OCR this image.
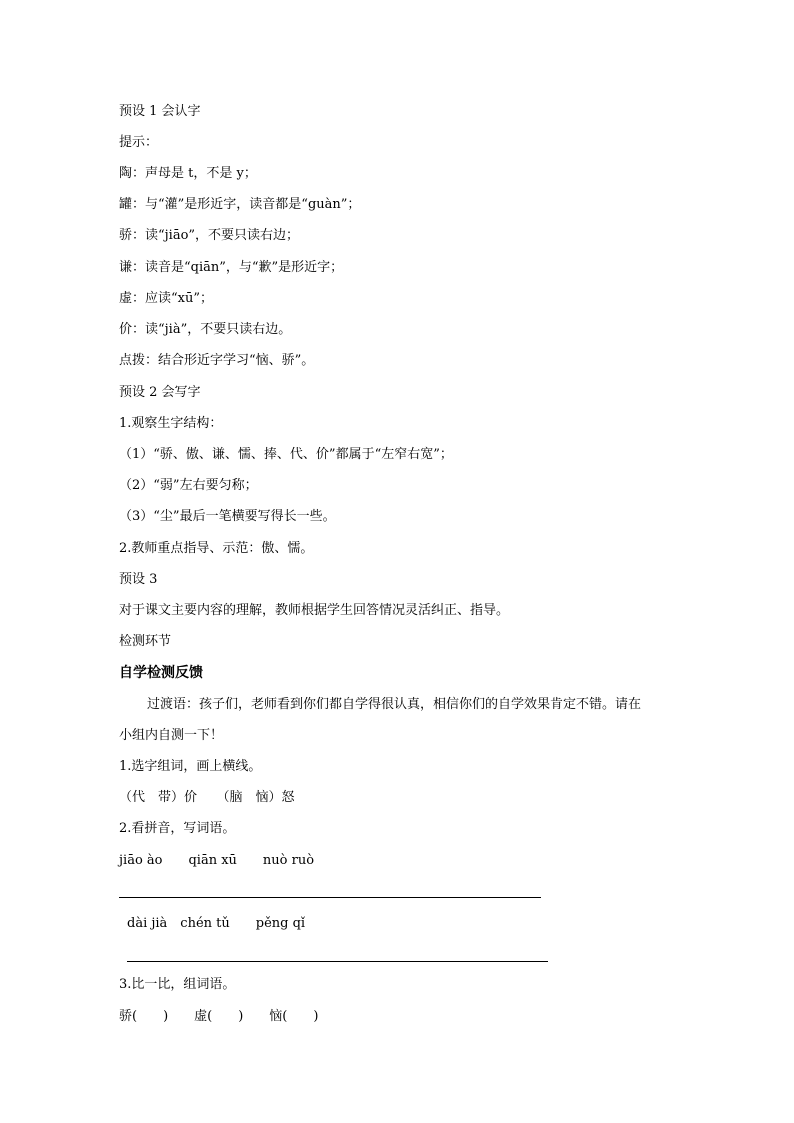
预设 1 会认字
提示：
陶：声母是 t，不是 y；
罐：与“灌”是形近字，读音都是“guàn”；
骄：读“jiāo”，不要只读右边；
谦：读音是“qiān”，与“歉”是形近字；
虚：应读“xū”；
价：读“jià”，不要只读右边。
点拨：结合形近字学习“恼、骄”。
预设 2 会写字
1.观察生字结构：
（1）“骄、傲、谦、懦、捧、代、价”都属于“左窄右宽”；
（2）“弱”左右要匀称；
（3）“尘”最后一笔横要写得长一些。
2.教师重点指导、示范：傲、懦。
预设 3
对于课文主要内容的理解，教师根据学生回答情况灵活纠正、指导。
检测环节
自学检测反馈
过渡语：孩子们，老师看到你们都自学得很认真，相信你们的自学效果肯定不错。请在
小组内自测一下！
1.选字组词，画上横线。
（代　带）价　　（脑　恼）怒
2.看拼音，写词语。
jiāo ào　　qiān xū　　nuò ruò
dài jià　chén tǔ　　pěng qǐ
3.比一比，组词语。
骄(　　)　　虚(　　)　　恼(　　)
